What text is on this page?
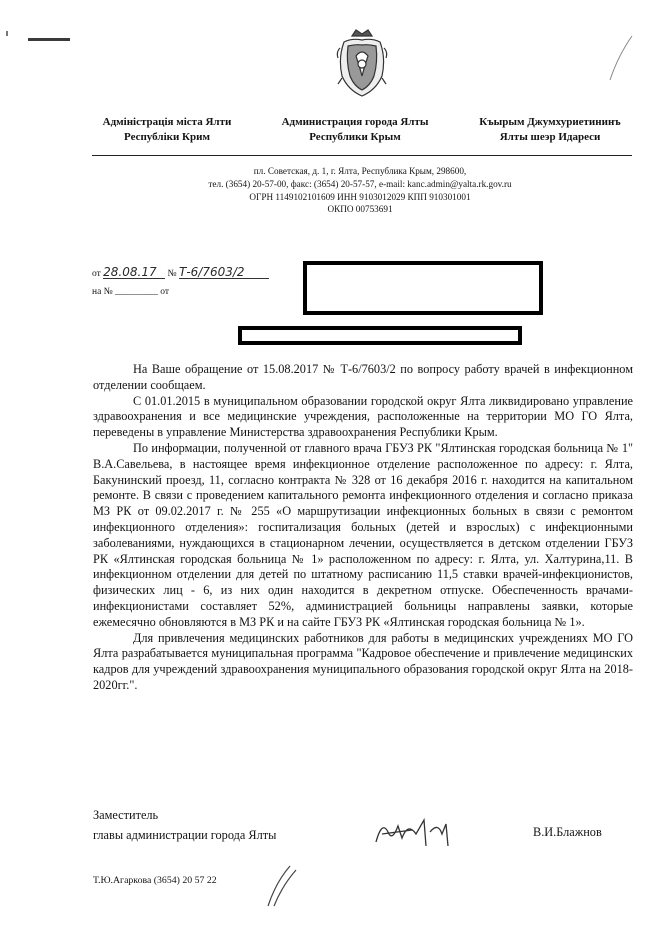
Адміністрація міста Ялти
Республіки Крим
Администрация города Ялты
Республики Крым
Къырым Джумхуриетининъ
Ялты шеэр Идареси
пл. Советская, д. 1, г. Ялта, Республика Крым, 298600,
тел. (3654) 20-57-00, факс: (3654) 20-57-57, e-mail: kanc.admin@yalta.rk.gov.ru
ОГРН 1149102101609 ИНН 9103012029 КПП 910301001
ОКПО 00753691
от 28.08.17 № Т-6/7603/2
на № _________ от

На Ваше обращение от 15.08.2017 № Т-6/7603/2 по вопросу работу врачей в инфекционном отделении сообщаем.

С 01.01.2015 в муниципальном образовании городской округ Ялта ликвидировано управление здравоохранения и все медицинские учреждения, расположенные на территории МО ГО Ялта, переведены в управление Министерства здравоохранения Республики Крым.

По информации, полученной от главного врача ГБУЗ РК "Ялтинская городская больница № 1" В.А.Савельева, в настоящее время инфекционное отделение расположенное по адресу: г. Ялта, Бакунинский проезд, 11, согласно контракта № 328 от 16 декабря 2016 г. находится на капитальном ремонте. В связи с проведением капитального ремонта инфекционного отделения и согласно приказа МЗ РК от 09.02.2017 г. № 255 «О маршрутизации инфекционных больных в связи с ремонтом инфекционного отделения»: госпитализация больных (детей и взрослых) с инфекционными заболеваниями, нуждающихся в стационарном лечении, осуществляется в детском отделении ГБУЗ РК «Ялтинская городская больница № 1» расположенном по адресу: г. Ялта, ул. Халтурина,11. В инфекционном отделении для детей по штатному расписанию 11,5 ставки врачей-инфекционистов, физических лиц - 6, из них один находится в декретном отпуске. Обеспеченность врачами-инфекционистами составляет 52%, администрацией больницы направлены заявки, которые ежемесячно обновляются в МЗ РК и на сайте ГБУЗ РК «Ялтинская городская больница № 1».

Для привлечения медицинских работников для работы в медицинских учреждениях МО ГО Ялта разрабатывается муниципальная программа "Кадровое обеспечение и привлечение медицинских кадров для учреждений здравоохранения муниципального образования городской округ Ялта на 2018-2020гг.".

Заместитель
главы администрации города Ялты	В.И.Блажнов
Т.Ю.Агаркова (3654) 20 57 22
